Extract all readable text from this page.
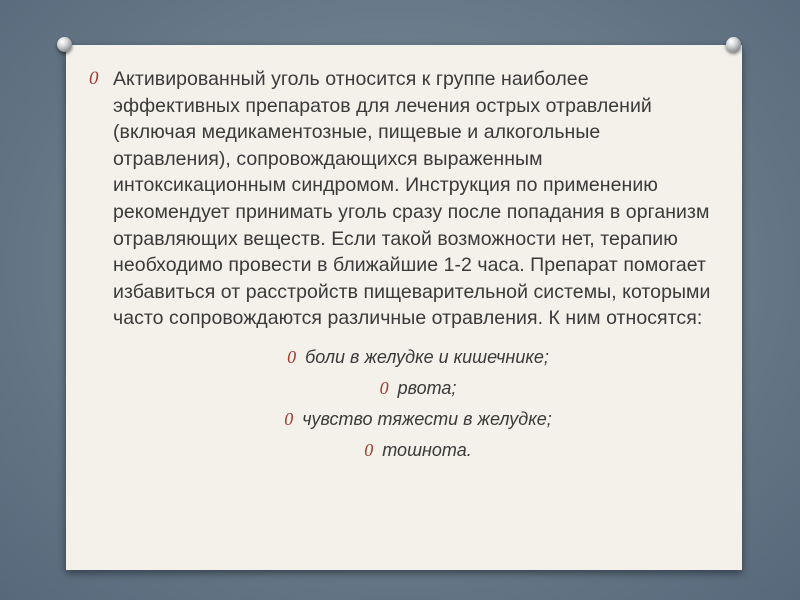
0 Активированный уголь относится к группе наиболее эффективных препаратов для лечения острых отравлений (включая медикаментозные, пищевые и алкогольные отравления), сопровождающихся выраженным интоксикационным синдромом. Инструкция по применению рекомендует принимать уголь сразу после попадания в организм отравляющих веществ. Если такой возможности нет, терапию необходимо провести в ближайшие 1-2 часа. Препарат помогает избавиться от расстройств пищеварительной системы, которыми часто сопровождаются различные отравления. К ним относятся:
0 боли в желудке и кишечнике;
0 рвота;
0 чувство тяжести в желудке;
0 тошнота.
